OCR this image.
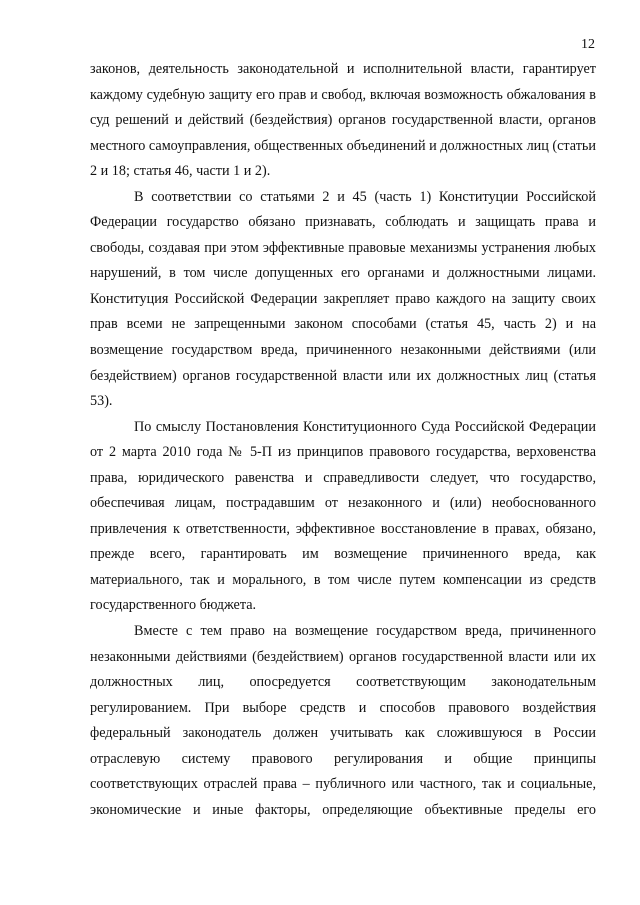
12

законов, деятельность законодательной и исполнительной власти, гарантирует каждому судебную защиту его прав и свобод, включая возможность обжалования в суд решений и действий (бездействия) органов государственной власти, органов местного самоуправления, общественных объединений и должностных лиц (статьи 2 и 18; статья 46, части 1 и 2).

В соответствии со статьями 2 и 45 (часть 1) Конституции Российской Федерации государство обязано признавать, соблюдать и защищать права и свободы, создавая при этом эффективные правовые механизмы устранения любых нарушений, в том числе допущенных его органами и должностными лицами. Конституция Российской Федерации закрепляет право каждого на защиту своих прав всеми не запрещенными законом способами (статья 45, часть 2) и на возмещение государством вреда, причиненного незаконными действиями (или бездействием) органов государственной власти или их должностных лиц (статья 53).

По смыслу Постановления Конституционного Суда Российской Федерации от 2 марта 2010 года № 5-П из принципов правового государства, верховенства права, юридического равенства и справедливости следует, что государство, обеспечивая лицам, пострадавшим от незаконного и (или) необоснованного привлечения к ответственности, эффективное восстановление в правах, обязано, прежде всего, гарантировать им возмещение причиненного вреда, как материального, так и морального, в том числе путем компенсации из средств государственного бюджета.

Вместе с тем право на возмещение государством вреда, причиненного незаконными действиями (бездействием) органов государственной власти или их должностных лиц, опосредуется соответствующим законодательным регулированием. При выборе средств и способов правового воздействия федеральный законодатель должен учитывать как сложившуюся в России отраслевую систему правового регулирования и общие принципы соответствующих отраслей права – публичного или частного, так и социальные, экономические и иные факторы, определяющие объективные пределы его
